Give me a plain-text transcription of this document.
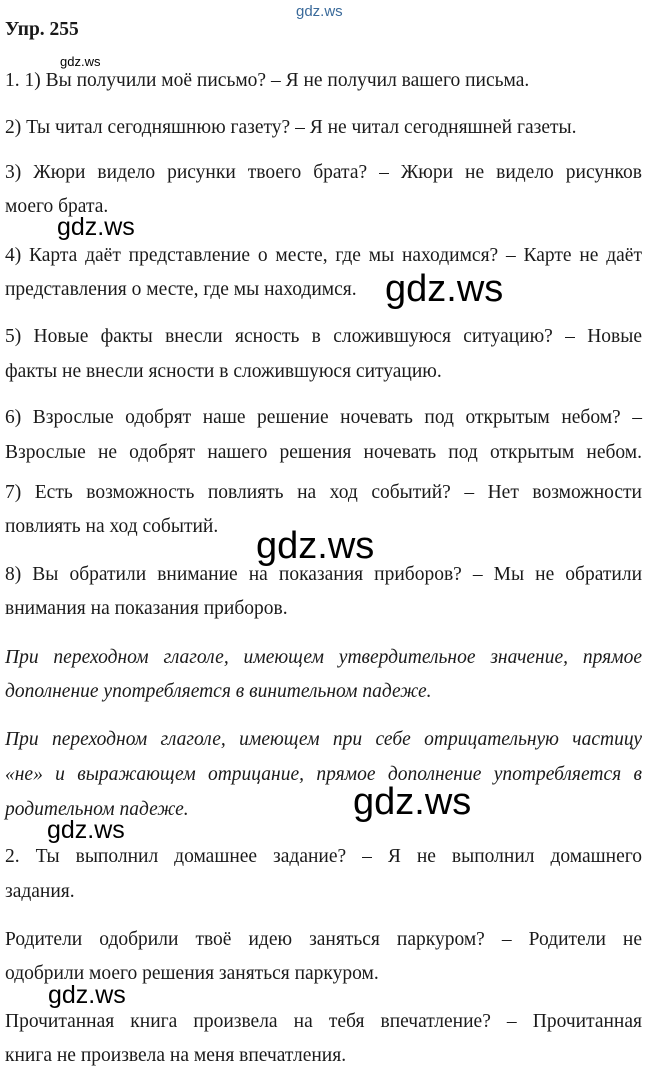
Упр. 255
1. 1) Вы получили моё письмо? – Я не получил вашего письма.
2) Ты читал сегодняшнюю газету? – Я не читал сегодняшней газеты.
3) Жюри видело рисунки твоего брата? – Жюри не видело рисунков
моего брата.
4) Карта даёт представление о месте, где мы находимся? – Карте не даёт
представления о месте, где мы находимся.
5) Новые факты внесли ясность в сложившуюся ситуацию? – Новые
факты не внесли ясности в сложившуюся ситуацию.
6) Взрослые одобрят наше решение ночевать под открытым небом? –
Взрослые не одобрят нашего решения ночевать под открытым небом.
7) Есть возможность повлиять на ход событий? – Нет возможности
повлиять на ход событий.
8) Вы обратили внимание на показания приборов? – Мы не обратили
внимания на показания приборов.
При переходном глаголе, имеющем утвердительное значение, прямое
дополнение употребляется в винительном падеже.
При переходном глаголе, имеющем при себе отрицательную частицу
«не» и выражающем отрицание, прямое дополнение употребляется в
родительном падеже.
2. Ты выполнил домашнее задание? – Я не выполнил домашнего
задания.
Родители одобрили твоё идею заняться паркуром? – Родители не
одобрили моего решения заняться паркуром.
Прочитанная книга произвела на тебя впечатление? – Прочитанная
книга не произвела на меня впечатления.
gdz.ws
gdz.ws
gdz.ws
gdz.ws
gdz.ws
gdz.ws
gdz.ws
gdz.ws
